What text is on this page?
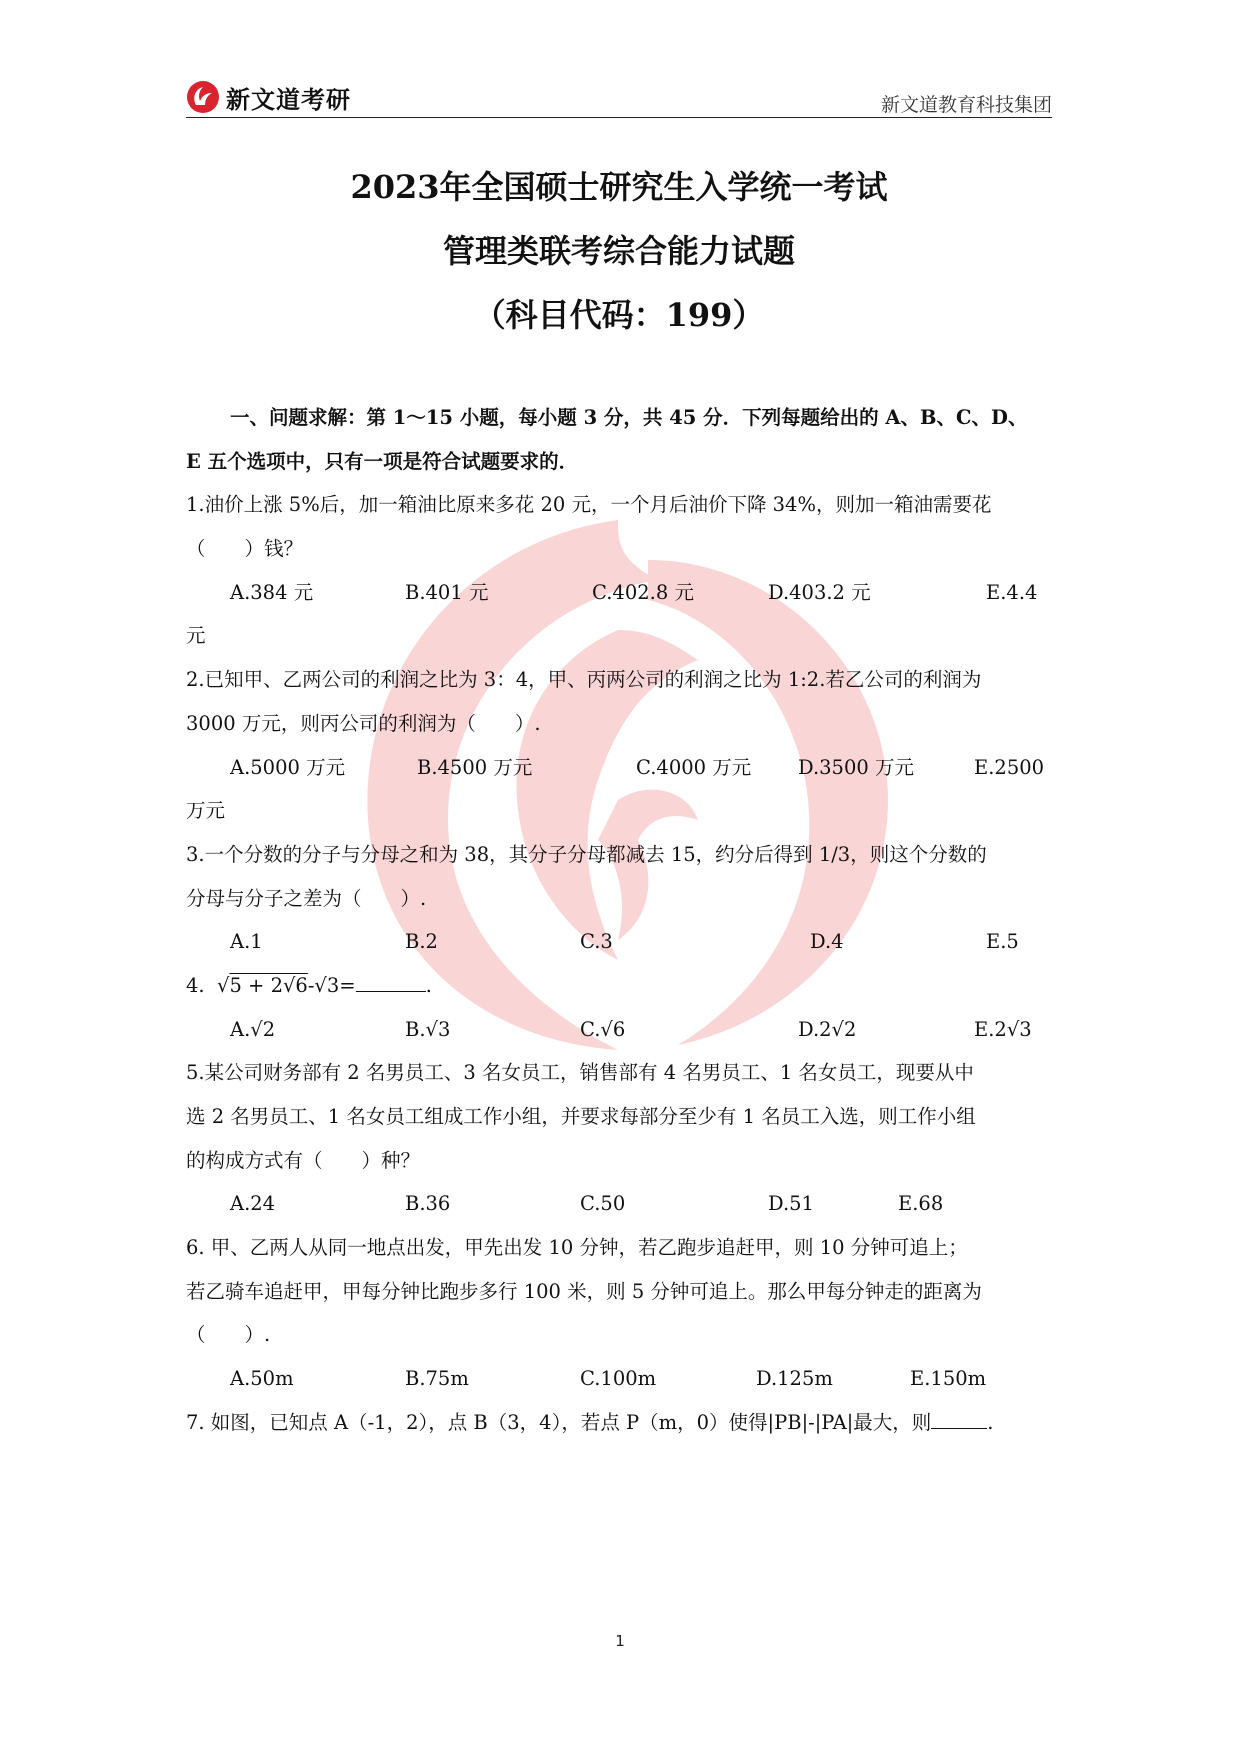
新文道考研	新文道教育科技集团
2023年全国硕士研究生入学统一考试
管理类联考综合能力试题
（科目代码：199）
一、问题求解：第 1～15 小题，每小题 3 分，共 45 分．下列每题给出的 A、B、C、D、
E 五个选项中，只有一项是符合试题要求的．
1.油价上涨 5%后，加一箱油比原来多花 20 元，一个月后油价下降 34%，则加一箱油需要花
（　　）钱？
A.384 元	B.401 元	C.402.8 元	D.403.2 元	E.4.4
元
2.已知甲、乙两公司的利润之比为 3：4，甲、丙两公司的利润之比为 1:2.若乙公司的利润为
3000 万元，则丙公司的利润为（　　）.
A.5000 万元	B.4500 万元	C.4000 万元 D.3500 万元	E.2500
万元
3.一个分数的分子与分母之和为 38，其分子分母都减去 15，约分后得到 1/3，则这个分数的
分母与分子之差为（　　）.
A.1	B.2	C.3	D.4	E.5
4.  √5 + 2√6-√3=	.
A.√2	B.√3	C.√6	D.2√2	E.2√3
5.某公司财务部有 2 名男员工、3 名女员工，销售部有 4 名男员工、1 名女员工，现要从中
选 2 名男员工、1 名女员工组成工作小组，并要求每部分至少有 1 名员工入选，则工作小组
的构成方式有（　　）种？
A.24	B.36	C.50	D.51	E.68
6. 甲、乙两人从同一地点出发，甲先出发 10 分钟，若乙跑步追赶甲，则 10 分钟可追上；
若乙骑车追赶甲，甲每分钟比跑步多行 100 米，则 5 分钟可追上。那么甲每分钟走的距离为
（　　）.
A.50m	B.75m	C.100m	D.125m	E.150m
7. 如图，已知点 A（-1，2），点 B（3，4），若点 P（m，0）使得|PB|-|PA|最大，则	.
1
